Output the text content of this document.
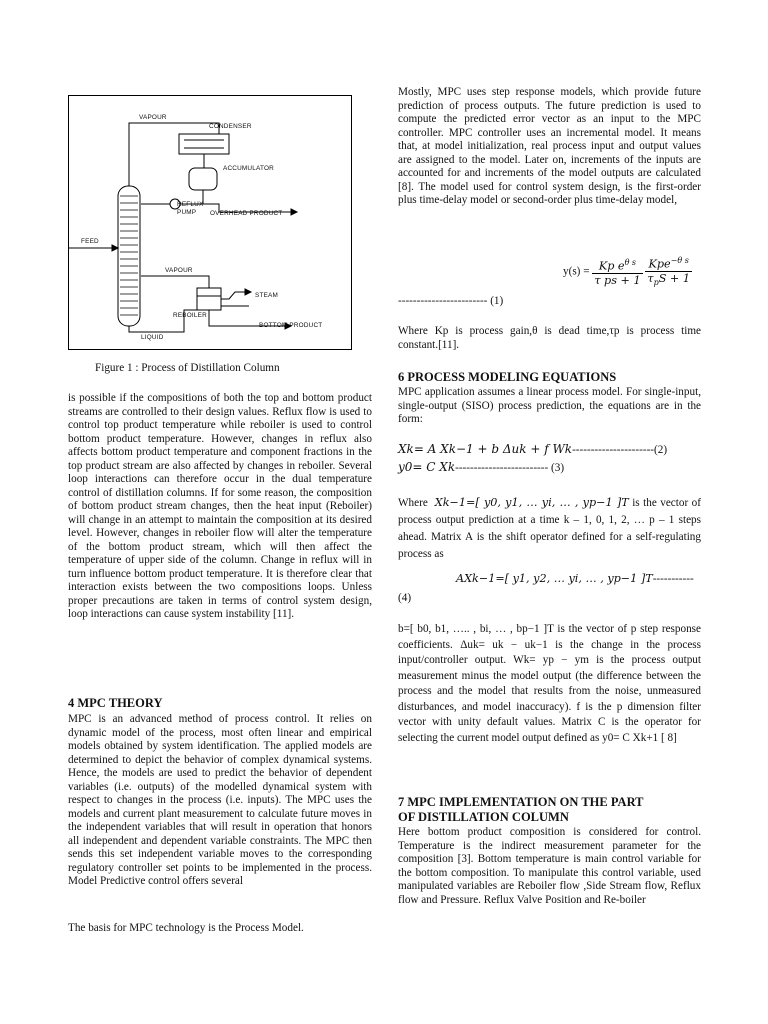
VAPOUR
CONDENSER
ACCUMULATOR
REFLUX
PUMP OVERHEAD PRODUCT
FEED
VAPOUR
STEAM
REBOILER
BOTTOM PRODUCT
LIQUID
Figure 1 : Process of Distillation Column

is possible if the compositions of both the top and bottom product streams are controlled to their design values. Reflux flow is used to control top product temperature while reboiler is used to control bottom product temperature. However, changes in reflux also affects bottom product temperature and component fractions in the top product stream are also affected by changes in reboiler. Several loop interactions can therefore occur in the dual temperature control of distillation columns. If for some reason, the composition of bottom product stream changes, then the heat input (Reboiler) will change in an attempt to maintain the composition at its desired level. However, changes in reboiler flow will alter the temperature of the bottom product stream, which will then affect the temperature of upper side of the column. Change in reflux will in turn influence bottom product temperature. It is therefore clear that interaction exists between the two compositions loops. Unless proper precautions are taken in terms of control system design, loop interactions can cause system instability [11].

4 MPC THEORY

MPC is an advanced method of process control. It relies on dynamic model of the process, most often linear and empirical models obtained by system identification. The applied models are determined to depict the behavior of complex dynamical systems. Hence, the models are used to predict the behavior of dependent variables (i.e. outputs) of the modelled dynamical system with respect to changes in the process (i.e. inputs). The MPC uses the models and current plant measurement to calculate future moves in the independent variables that will result in operation that honors all independent and dependent variable constraints. The MPC then sends this set independent variable moves to the corresponding regulatory controller set points to be implemented in the process. Model Predictive control offers several

The basis for MPC technology is the Process Model.

Mostly, MPC uses step response models, which provide future prediction of process outputs. The future prediction is used to compute the predicted error vector as an input to the MPC controller. MPC controller uses an incremental model. It means that, at model initialization, real process input and output values are assigned to the model. Later on, increments of the inputs are accounted for and increments of the model outputs are calculated [8]. The model used for control system design, is the first-order plus time-delay model or second-order plus time-delay model,

$y(s) = \frac{Kp e^{\theta s}}{\text{τ ps + 1}}$
$\frac{Kpe^{-\theta s}}{\tau_pS + 1}$
------------------------ (1)

Where Kp is process gain,θ is dead time,τp is process time constant.[11].

6 PROCESS MODELING EQUATIONS

MPC application assumes a linear process model. For single-input, single-output (SISO) process prediction, the equations are in the form:

Xk= A Xk−1 + b Δuk + f Wk----------------------(2)
y0= C Xk------------------------- (3)

Where Xk−1=[ y0, y1, … yi, … , yp−1 ]T is the vector of process output prediction at a time k – 1, 0, 1, 2, … p – 1 steps ahead. Matrix A is the shift operator defined for a self-regulating process as

AXk−1=[ y1, y2, … yi, … , yp−1 ]T-----------
(4)

b=[ b0, b1, ….. , bi, … , bp−1 ]T is the vector of p step response coefficients. Δuk= uk − uk−1 is the change in the process input/controller output. Wk= yp − ym is the process output measurement minus the model output (the difference between the process and the model that results from the noise, unmeasured disturbances, and model inaccuracy). f is the p dimension filter vector with unity default values. Matrix C is the operator for selecting the current model output defined as y0= C Xk+1 [ 8]

7 MPC IMPLEMENTATION ON THE PART
OF DISTILLATION COLUMN

Here bottom product composition is considered for control. Temperature is the indirect measurement parameter for the composition [3]. Bottom temperature is main control variable for the bottom composition. To manipulate this control variable, used manipulated variables are Reboiler flow ,Side Stream flow, Reflux flow and Pressure. Reflux Valve Position and Re-boiler
